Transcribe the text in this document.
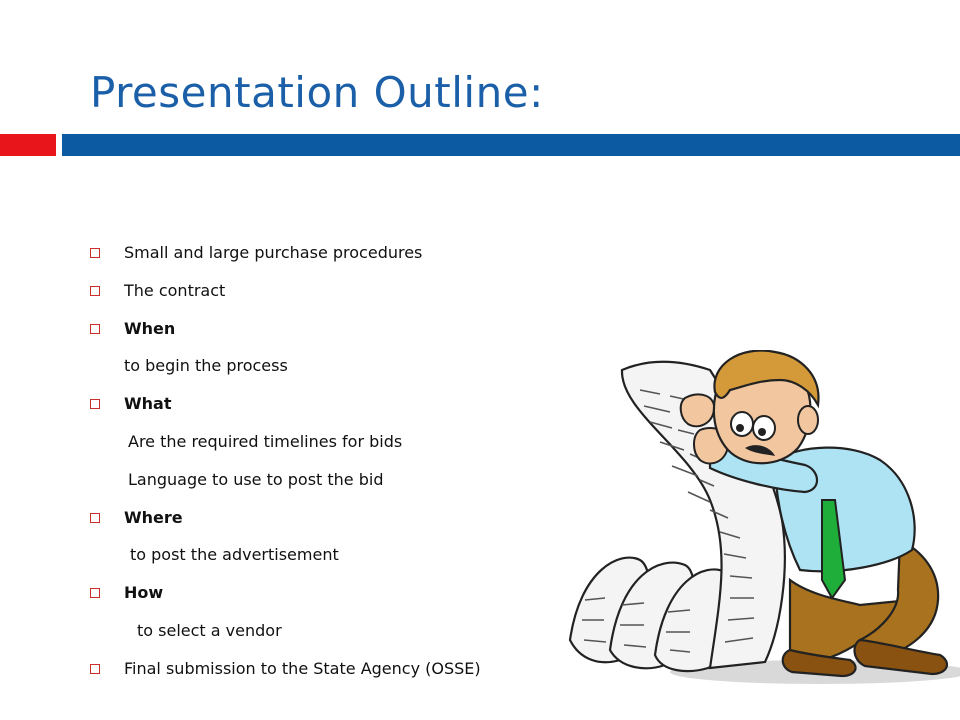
Presentation Outline:
Small and large purchase procedures
The contract
When
to begin the process
What
Are the required timelines for bids
Language to use to post the bid
Where
to post the advertisement
How
to select a vendor
Final submission to the State Agency (OSSE)
